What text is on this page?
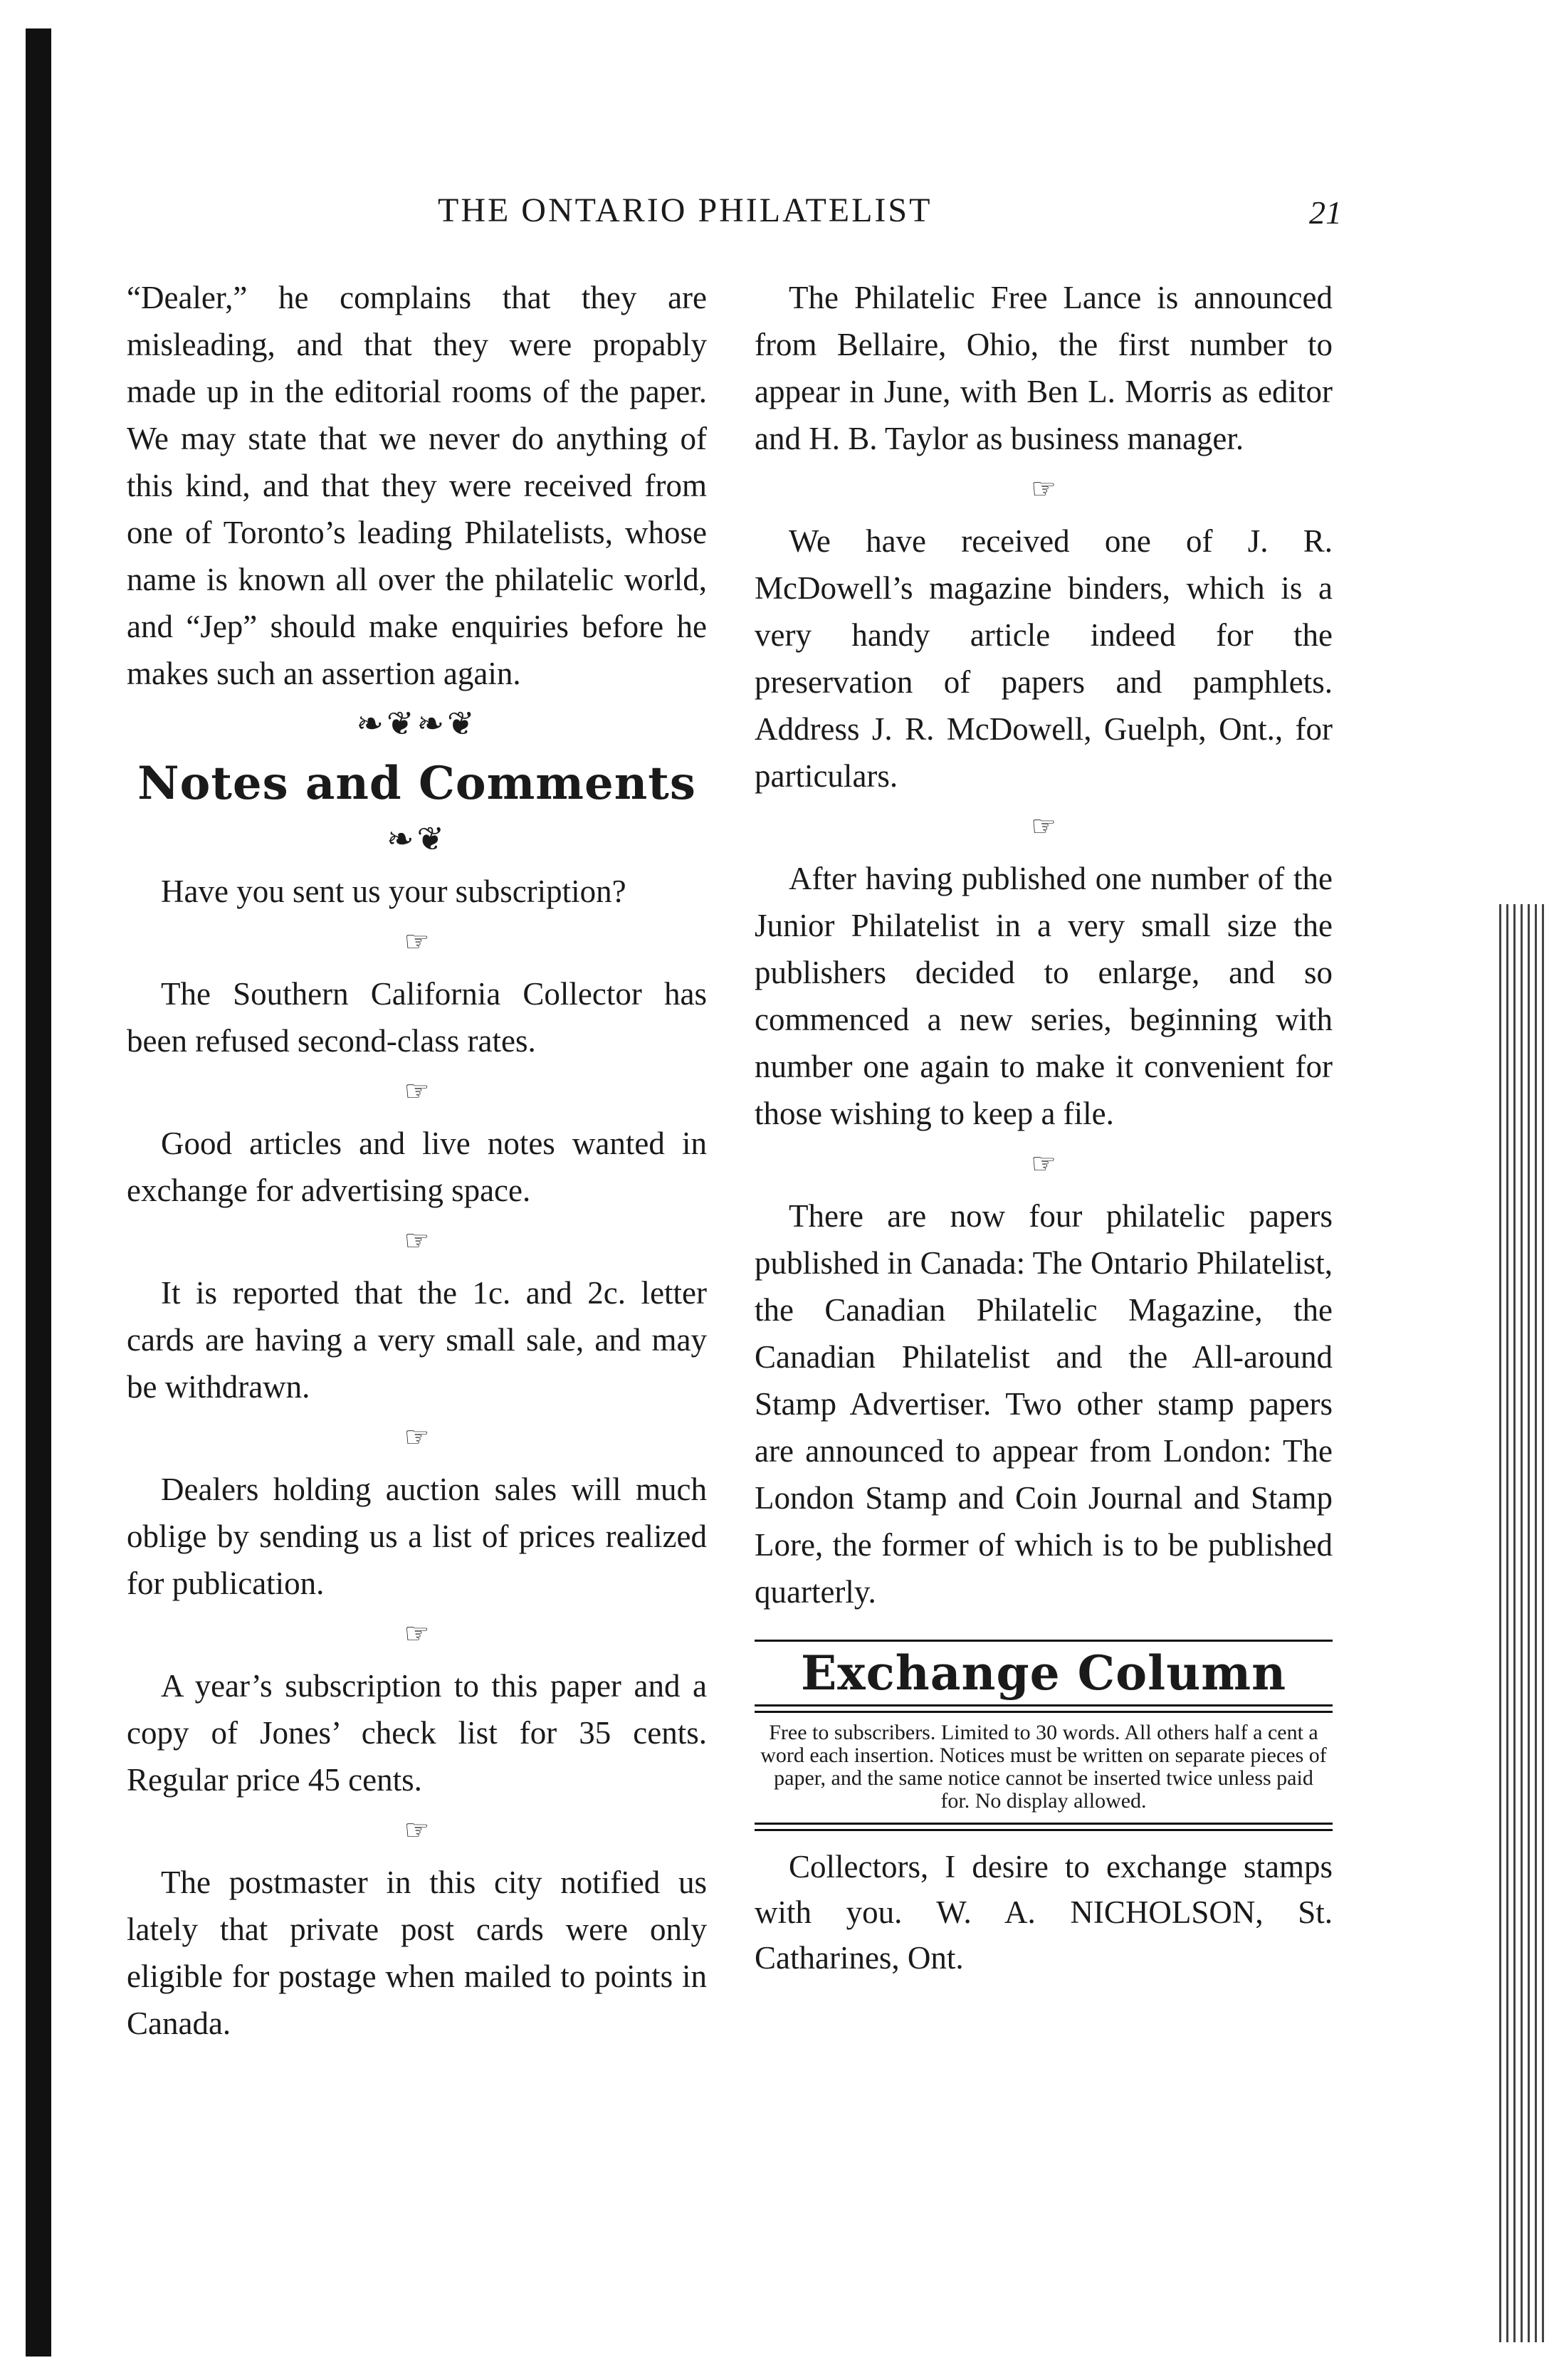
THE ONTARIO PHILATELIST	21

“Dealer,” he complains that they are misleading, and that they were propably made up in the editorial rooms of the paper. We may state that we never do anything of this kind, and that they were received from one of Toronto’s leading Philatelists, whose name is known all over the philatelic world, and “Jep” should make enquiries before he makes such an assertion again.

❧❦❧❦
Notes and Comments
❧❦

Have you sent us your subscription?

☞

The Southern California Collector has been refused second-class rates.

☞

Good articles and live notes wanted in exchange for advertising space.

☞

It is reported that the 1c. and 2c. letter cards are having a very small sale, and may be withdrawn.

☞

Dealers holding auction sales will much oblige by sending us a list of prices realized for publication.

☞

A year’s subscription to this paper and a copy of Jones’ check list for 35 cents. Regular price 45 cents.

☞

The postmaster in this city notified us lately that private post cards were only eligible for postage when mailed to points in Canada.

The Philatelic Free Lance is announced from Bellaire, Ohio, the first number to appear in June, with Ben L. Morris as editor and H. B. Taylor as business manager.

☞

We have received one of J. R. McDowell’s magazine binders, which is a very handy article indeed for the preservation of papers and pamphlets. Address J. R. McDowell, Guelph, Ont., for particulars.

☞

After having published one number of the Junior Philatelist in a very small size the publishers decided to enlarge, and so commenced a new series, beginning with number one again to make it convenient for those wishing to keep a file.

☞

There are now four philatelic papers published in Canada: The Ontario Philatelist, the Canadian Philatelic Magazine, the Canadian Philatelist and the All-around Stamp Advertiser. Two other stamp papers are announced to appear from London: The London Stamp and Coin Journal and Stamp Lore, the former of which is to be published quarterly.

Exchange Column
Free to subscribers. Limited to 30 words. All others half a cent a word each insertion. Notices must be written on separate pieces of paper, and the same notice cannot be inserted twice unless paid for. No display allowed.

Collectors, I desire to exchange stamps with you. W. A. NICHOLSON, St. Catharines, Ont.
